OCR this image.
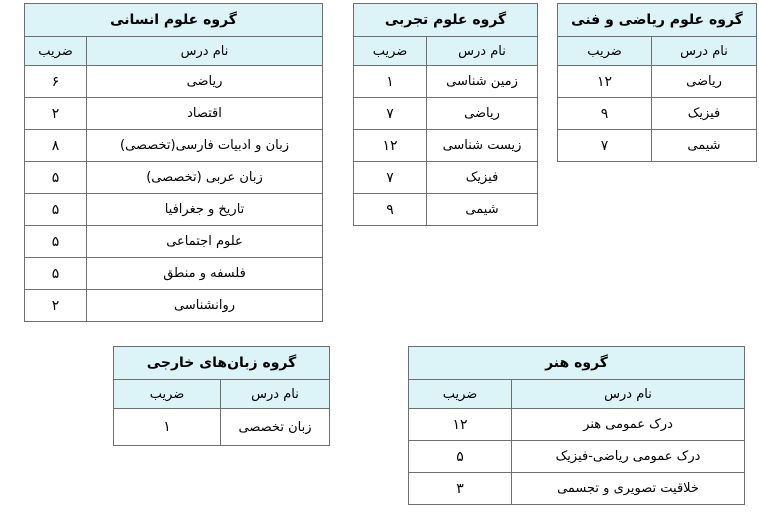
گروه علوم ریاضی و فنی	
نام درس	ضریب
ریاضی	۱۲
فیزیک	۹
شیمی	۷
گروه علوم تجربی	
نام درس	ضریب
زمین شناسی	۱
ریاضی	۷
زیست شناسی	۱۲
فیزیک	۷
شیمی	۹
گروه علوم انسانی	
نام درس	ضریب
ریاضی	۶
اقتصاد	۲
زبان و ادبیات فارسی(تخصصی)	۸
زبان عربی (تخصصی)	۵
تاریخ و جغرافیا	۵
علوم اجتماعی	۵
فلسفه و منطق	۵
روانشناسی	۲
گروه زبان‌های خارجی	
نام درس	ضریب
زبان تخصصی	۱
گروه هنر	
نام درس	ضریب
درک عمومی هنر	۱۲
درک عمومی ریاضی-فیزیک	۵
خلاقیت تصویری و تجسمی	۳
